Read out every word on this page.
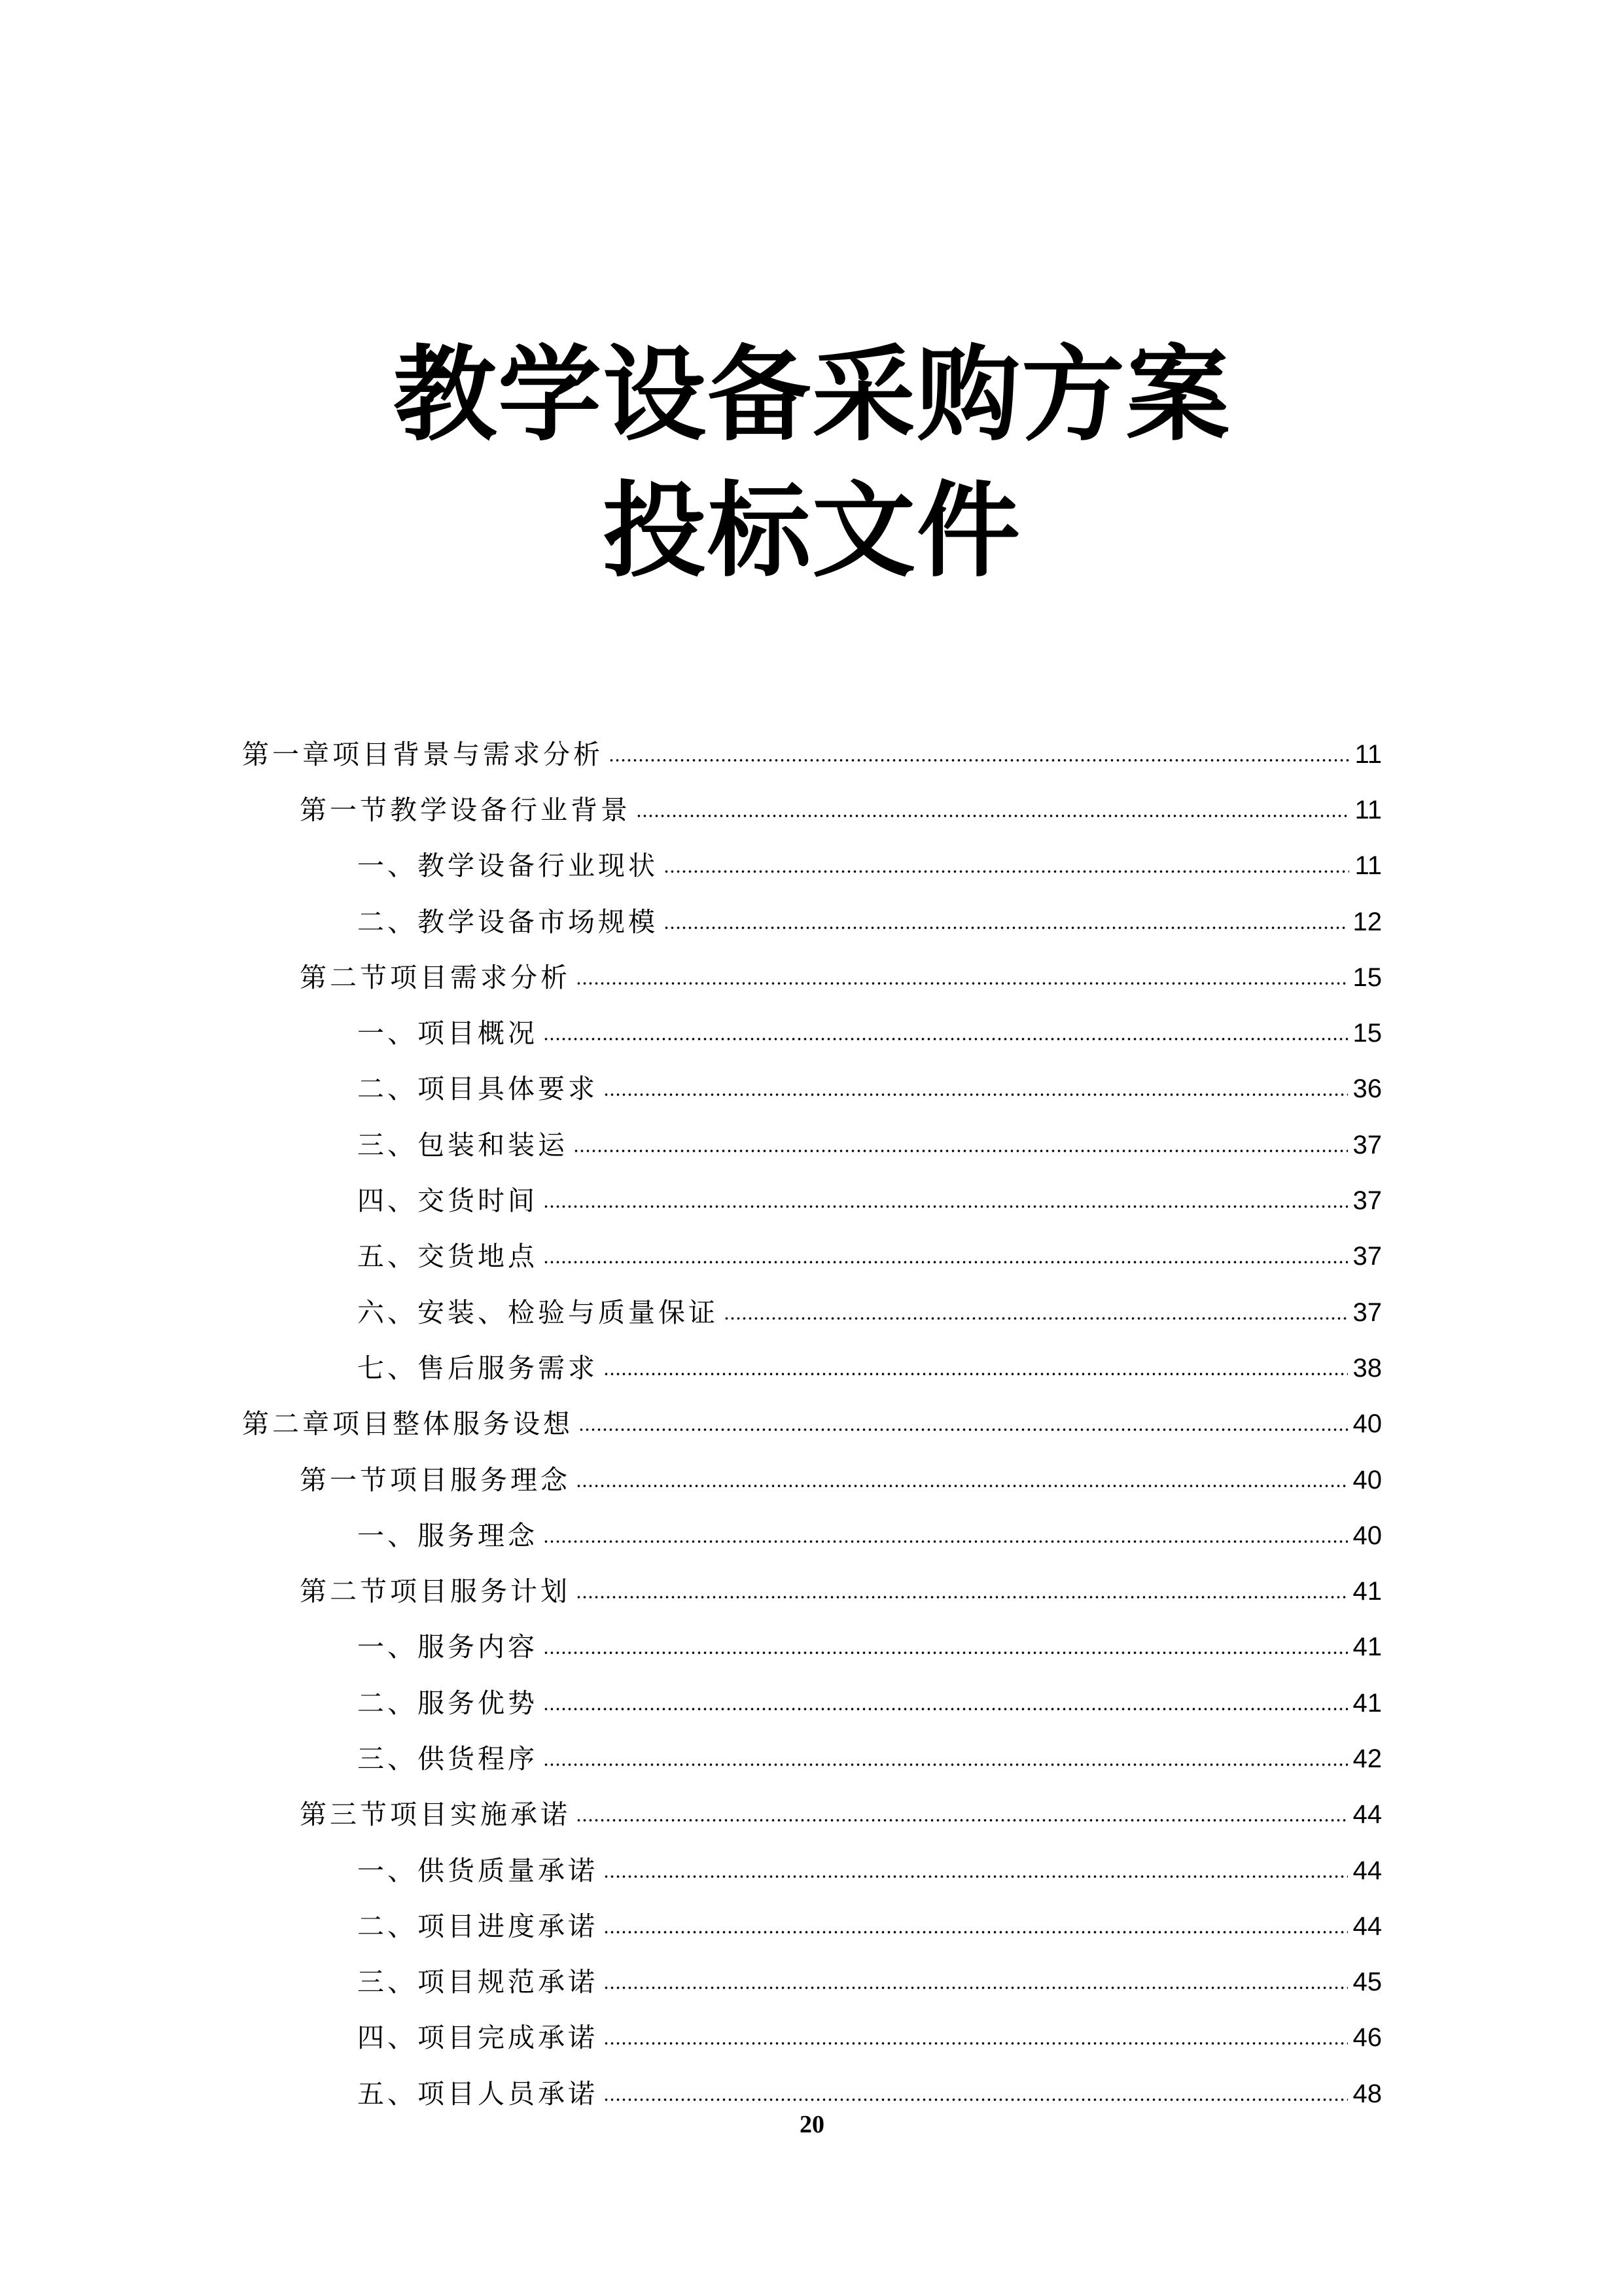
教学设备采购方案
投标文件
第一章项目背景与需求分析	11
第一节教学设备行业背景	11
一、教学设备行业现状	11
二、教学设备市场规模	12
第二节项目需求分析	15
一、项目概况	15
二、项目具体要求	36
三、包装和装运	37
四、交货时间	37
五、交货地点	37
六、安装、检验与质量保证	37
七、售后服务需求	38
第二章项目整体服务设想	40
第一节项目服务理念	40
一、服务理念	40
第二节项目服务计划	41
一、服务内容	41
二、服务优势	41
三、供货程序	42
第三节项目实施承诺	44
一、供货质量承诺	44
二、项目进度承诺	44
三、项目规范承诺	45
四、项目完成承诺	46
五、项目人员承诺	48
20
